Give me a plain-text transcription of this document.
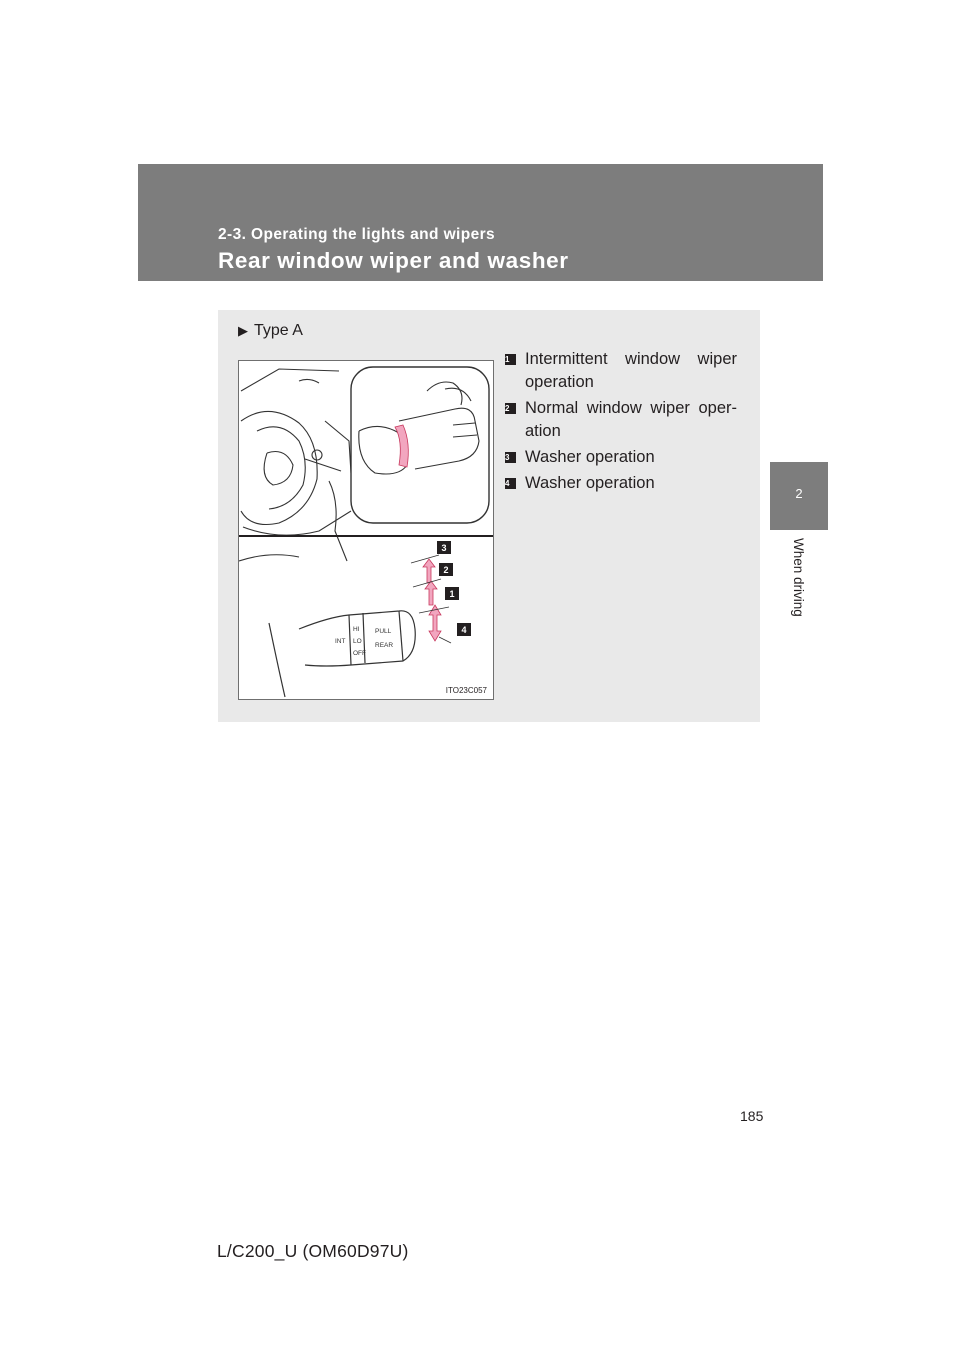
2-3. Operating the lights and wipers
Rear window wiper and washer
2
When driving
▶ Type A
INT
HI
LO
OFF
PULL
REAR
3
2
1
4
ITO23C057
1 Intermittent window wiper operation
2 Normal window wiper oper-ation
3 Washer operation
4 Washer operation
185
L/C200_U (OM60D97U)
